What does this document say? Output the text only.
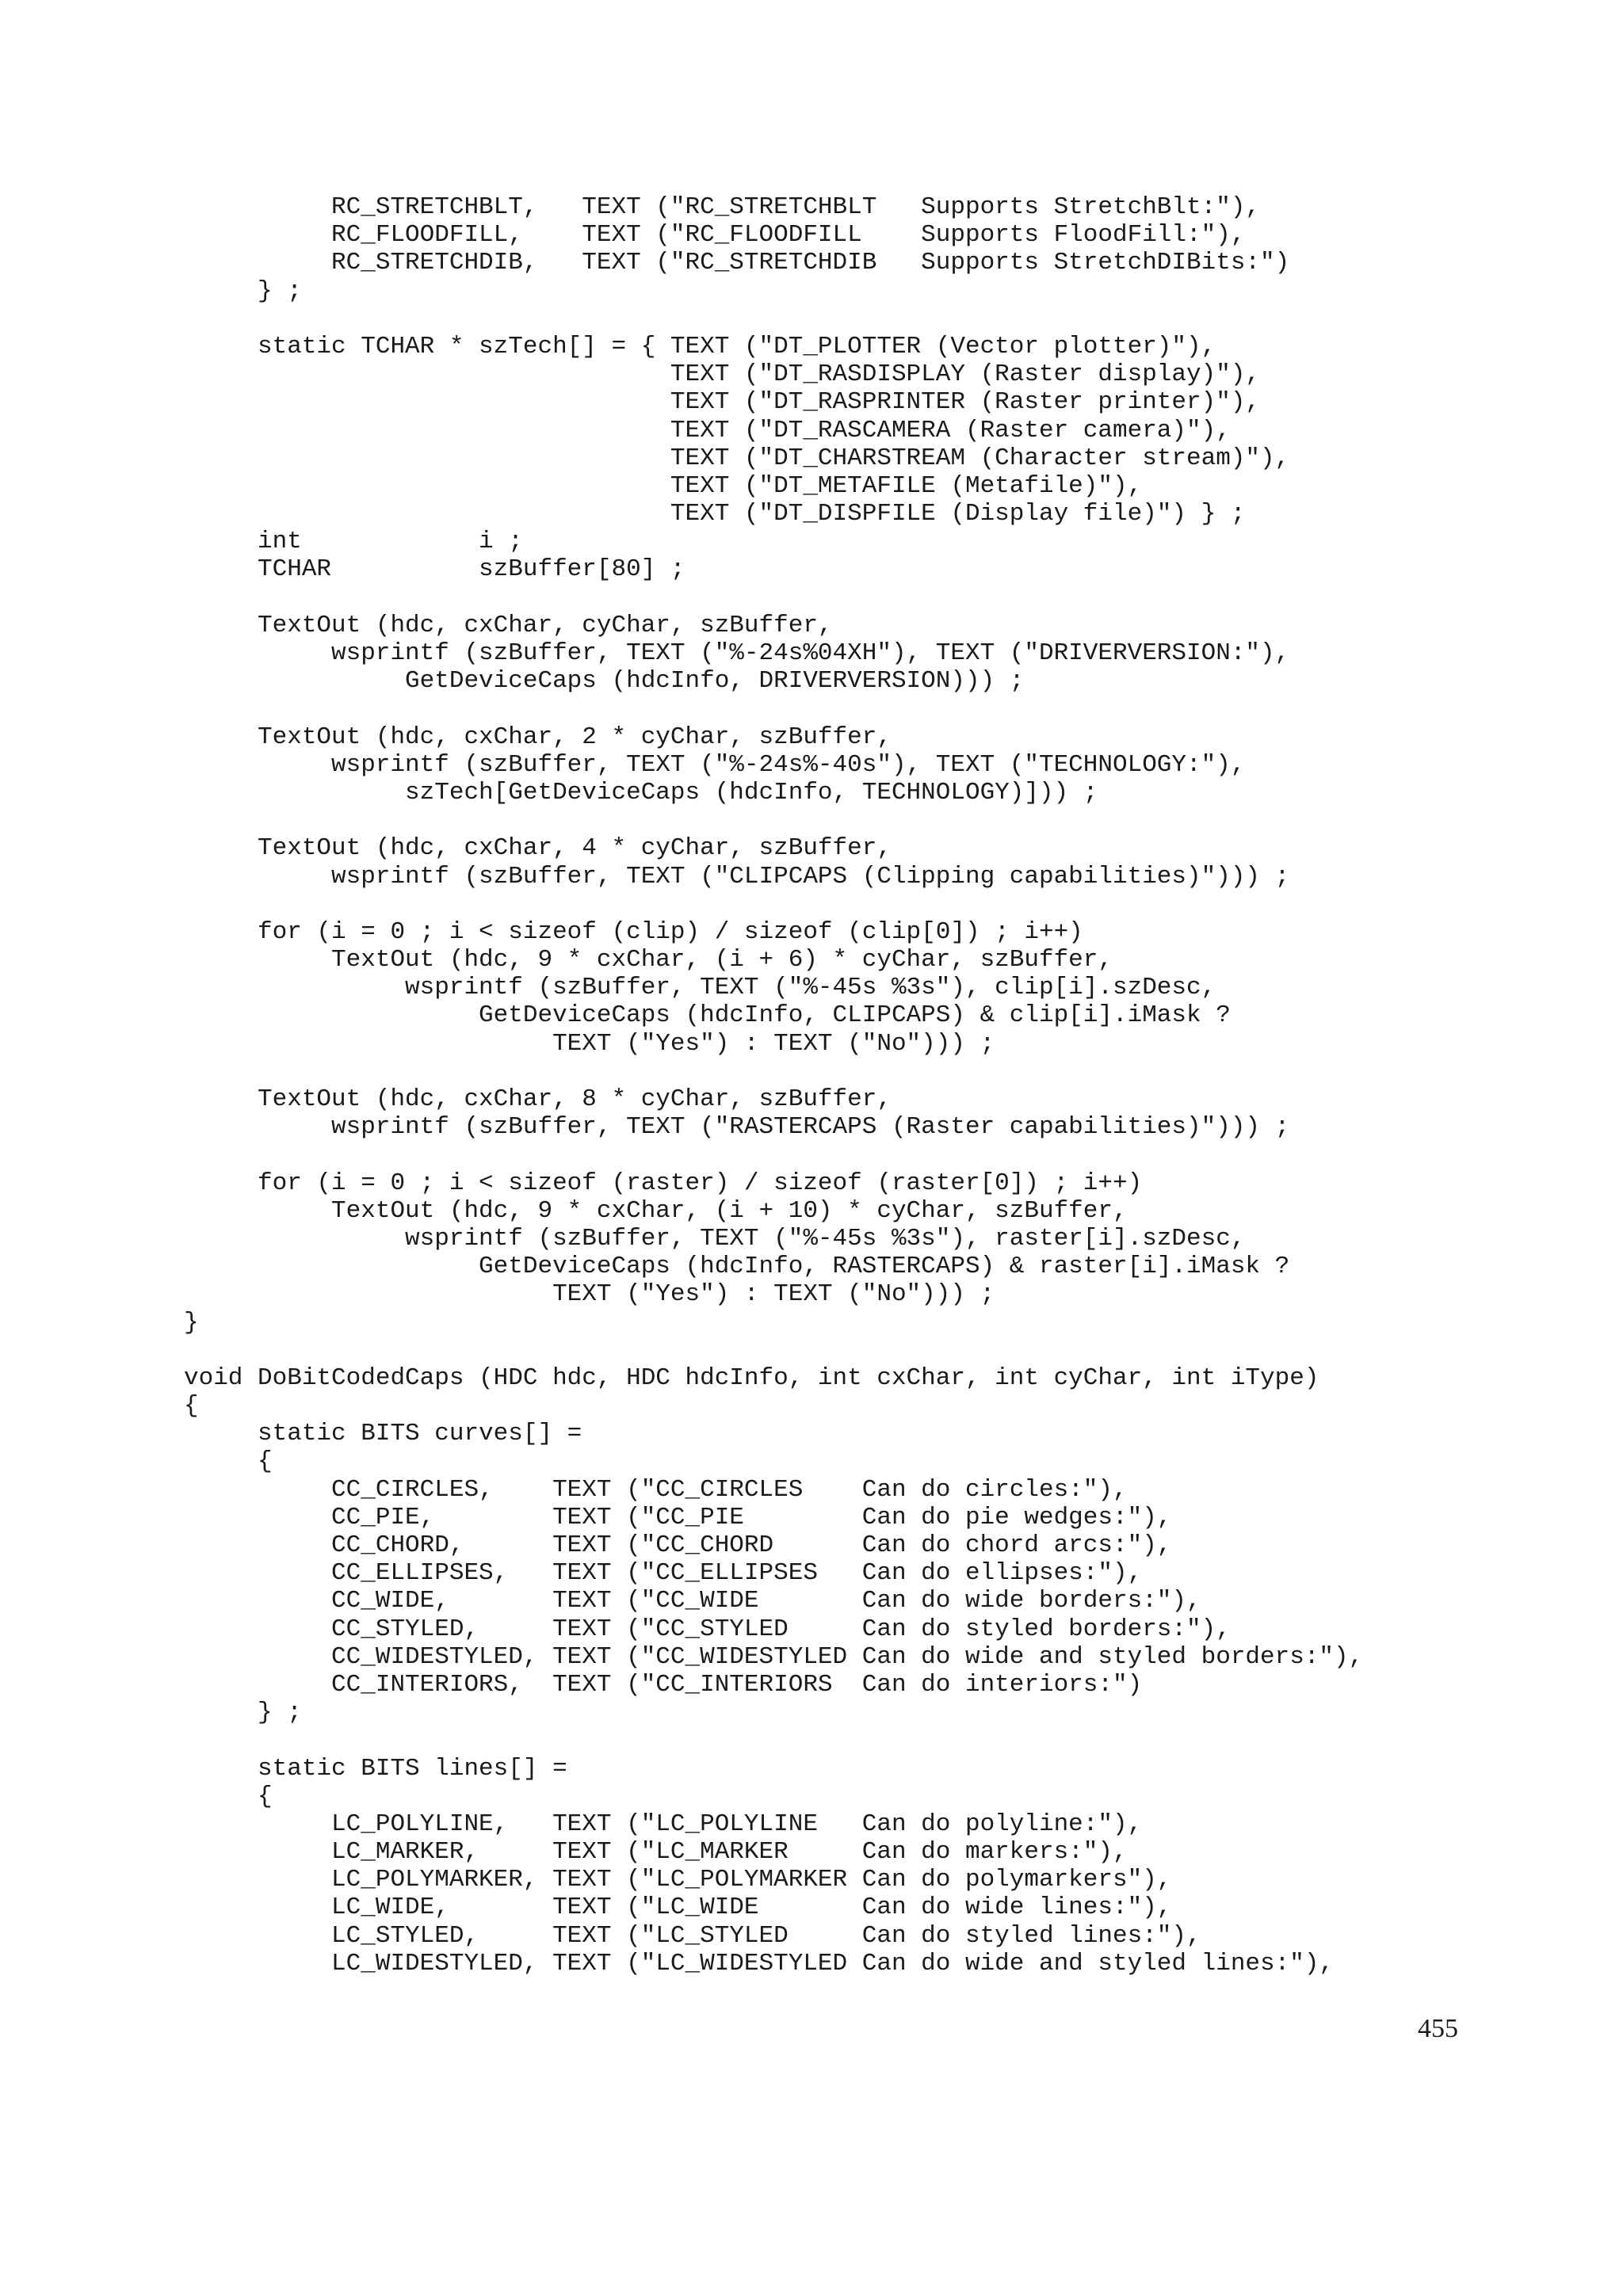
RC_STRETCHBLT,   TEXT ("RC_STRETCHBLT   Supports StretchBlt:"),
RC_FLOODFILL,    TEXT ("RC_FLOODFILL    Supports FloodFill:"),
RC_STRETCHDIB,   TEXT ("RC_STRETCHDIB   Supports StretchDIBits:")
} ;
static TCHAR * szTech[] = { TEXT ("DT_PLOTTER (Vector plotter)"),
TEXT ("DT_RASDISPLAY (Raster display)"),
TEXT ("DT_RASPRINTER (Raster printer)"),
TEXT ("DT_RASCAMERA (Raster camera)"),
TEXT ("DT_CHARSTREAM (Character stream)"),
TEXT ("DT_METAFILE (Metafile)"),
TEXT ("DT_DISPFILE (Display file)") } ;
int            i ;
TCHAR          szBuffer[80] ;
TextOut (hdc, cxChar, cyChar, szBuffer,
wsprintf (szBuffer, TEXT ("%-24s%04XH"), TEXT ("DRIVERVERSION:"),
GetDeviceCaps (hdcInfo, DRIVERVERSION))) ;
TextOut (hdc, cxChar, 2 * cyChar, szBuffer,
wsprintf (szBuffer, TEXT ("%-24s%-40s"), TEXT ("TECHNOLOGY:"),
szTech[GetDeviceCaps (hdcInfo, TECHNOLOGY)])) ;
TextOut (hdc, cxChar, 4 * cyChar, szBuffer,
wsprintf (szBuffer, TEXT ("CLIPCAPS (Clipping capabilities)"))) ;
for (i = 0 ; i < sizeof (clip) / sizeof (clip[0]) ; i++)
TextOut (hdc, 9 * cxChar, (i + 6) * cyChar, szBuffer,
wsprintf (szBuffer, TEXT ("%-45s %3s"), clip[i].szDesc,
GetDeviceCaps (hdcInfo, CLIPCAPS) & clip[i].iMask ?
TEXT ("Yes") : TEXT ("No"))) ;
TextOut (hdc, cxChar, 8 * cyChar, szBuffer,
wsprintf (szBuffer, TEXT ("RASTERCAPS (Raster capabilities)"))) ;
for (i = 0 ; i < sizeof (raster) / sizeof (raster[0]) ; i++)
TextOut (hdc, 9 * cxChar, (i + 10) * cyChar, szBuffer,
wsprintf (szBuffer, TEXT ("%-45s %3s"), raster[i].szDesc,
GetDeviceCaps (hdcInfo, RASTERCAPS) & raster[i].iMask ?
TEXT ("Yes") : TEXT ("No"))) ;
}
void DoBitCodedCaps (HDC hdc, HDC hdcInfo, int cxChar, int cyChar, int iType)
{
static BITS curves[] =
{
CC_CIRCLES,    TEXT ("CC_CIRCLES    Can do circles:"),
CC_PIE,        TEXT ("CC_PIE        Can do pie wedges:"),
CC_CHORD,      TEXT ("CC_CHORD      Can do chord arcs:"),
CC_ELLIPSES,   TEXT ("CC_ELLIPSES   Can do ellipses:"),
CC_WIDE,       TEXT ("CC_WIDE       Can do wide borders:"),
CC_STYLED,     TEXT ("CC_STYLED     Can do styled borders:"),
CC_WIDESTYLED, TEXT ("CC_WIDESTYLED Can do wide and styled borders:"),
CC_INTERIORS,  TEXT ("CC_INTERIORS  Can do interiors:")
} ;
static BITS lines[] =
{
LC_POLYLINE,   TEXT ("LC_POLYLINE   Can do polyline:"),
LC_MARKER,     TEXT ("LC_MARKER     Can do markers:"),
LC_POLYMARKER, TEXT ("LC_POLYMARKER Can do polymarkers"),
LC_WIDE,       TEXT ("LC_WIDE       Can do wide lines:"),
LC_STYLED,     TEXT ("LC_STYLED     Can do styled lines:"),
LC_WIDESTYLED, TEXT ("LC_WIDESTYLED Can do wide and styled lines:"),
455
